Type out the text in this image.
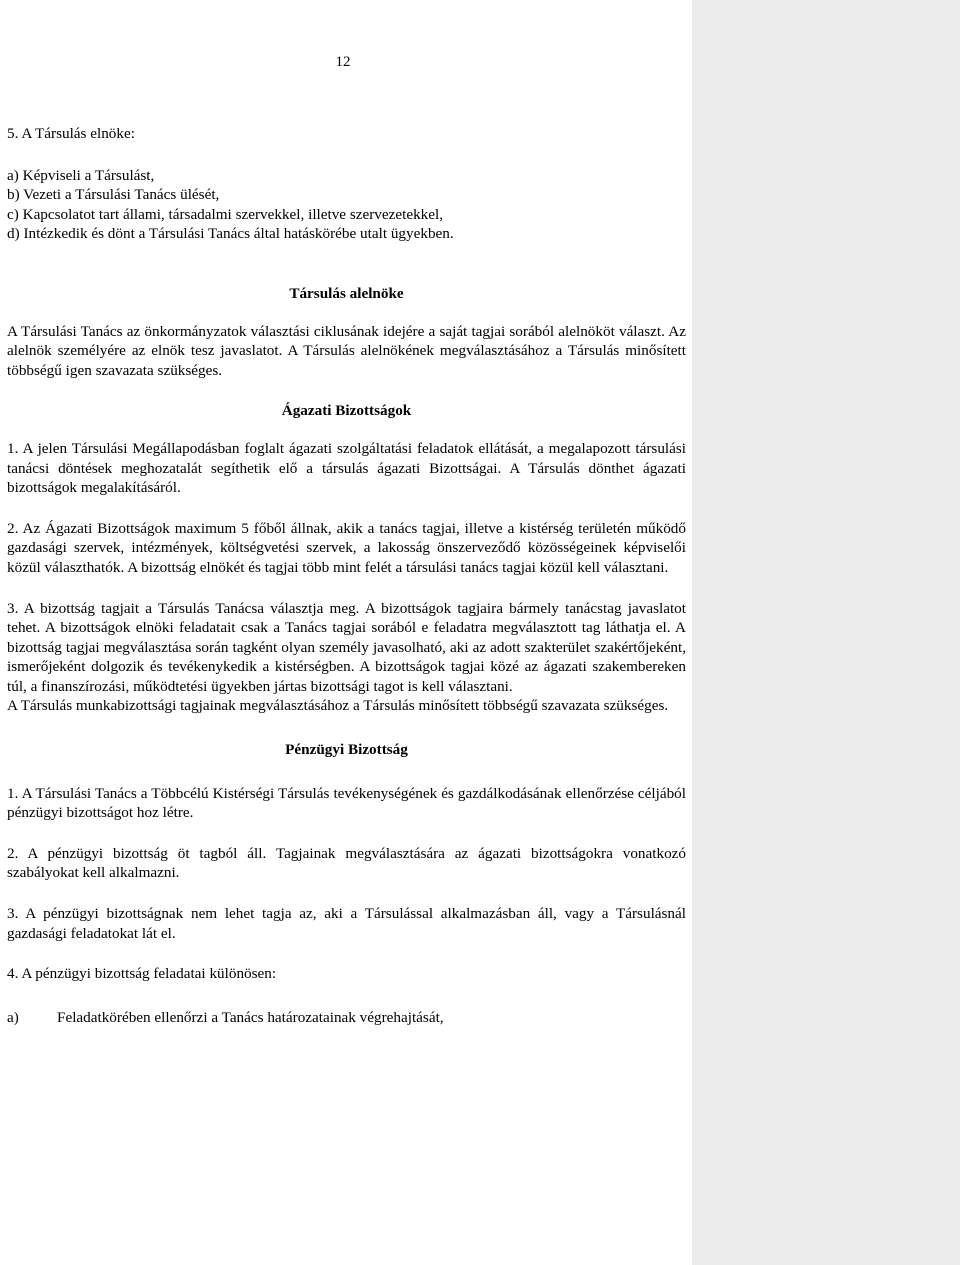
12

5. A Társulás elnöke:

a) Képviseli a Társulást,

b) Vezeti a Társulási Tanács ülését,

c) Kapcsolatot tart állami, társadalmi szervekkel, illetve szervezetekkel,

d) Intézkedik és dönt a Társulási Tanács által hatáskörébe utalt ügyekben.

Társulás alelnöke

A Társulási Tanács az önkormányzatok választási ciklusának idejére a saját tagjai sorából alelnököt választ. Az alelnök személyére az elnök tesz javaslatot. A Társulás alelnökének megválasztásához a Társulás minősített többségű igen szavazata szükséges.

Ágazati Bizottságok

1. A jelen Társulási Megállapodásban foglalt ágazati szolgáltatási feladatok ellátását, a megalapozott társulási tanácsi döntések meghozatalát segíthetik elő a társulás ágazati Bizottságai. A Társulás dönthet ágazati bizottságok megalakításáról.

2. Az Ágazati Bizottságok maximum 5 főből állnak, akik a tanács tagjai, illetve a kistérség területén működő gazdasági szervek, intézmények, költségvetési szervek, a lakosság önszerveződő közösségeinek képviselői közül választhatók. A bizottság elnökét és tagjai több mint felét a társulási tanács tagjai közül kell választani.

3. A bizottság tagjait a Társulás Tanácsa választja meg. A bizottságok tagjaira bármely tanácstag javaslatot tehet. A bizottságok elnöki feladatait csak a Tanács tagjai sorából e feladatra megválasztott tag láthatja el. A bizottság tagjai megválasztása során tagként olyan személy javasolható, aki az adott szakterület szakértőjeként, ismerőjeként dolgozik és tevékenykedik a kistérségben. A bizottságok tagjai közé az ágazati szakembereken túl, a finanszírozási, működtetési ügyekben jártas bizottsági tagot is kell választani.

A Társulás munkabizottsági tagjainak megválasztásához a Társulás minősített többségű szavazata szükséges.

Pénzügyi Bizottság

1. A Társulási Tanács a Többcélú Kistérségi Társulás tevékenységének és gazdálkodásának ellenőrzése céljából pénzügyi bizottságot hoz létre.

2. A pénzügyi bizottság öt tagból áll. Tagjainak megválasztására az ágazati bizottságokra vonatkozó szabályokat kell alkalmazni.

3. A pénzügyi bizottságnak nem lehet tagja az, aki a Társulással alkalmazásban áll, vagy a Társulásnál gazdasági feladatokat lát el.

4. A pénzügyi bizottság feladatai különösen:

a)	Feladatkörében ellenőrzi a Tanács határozatainak végrehajtását,
